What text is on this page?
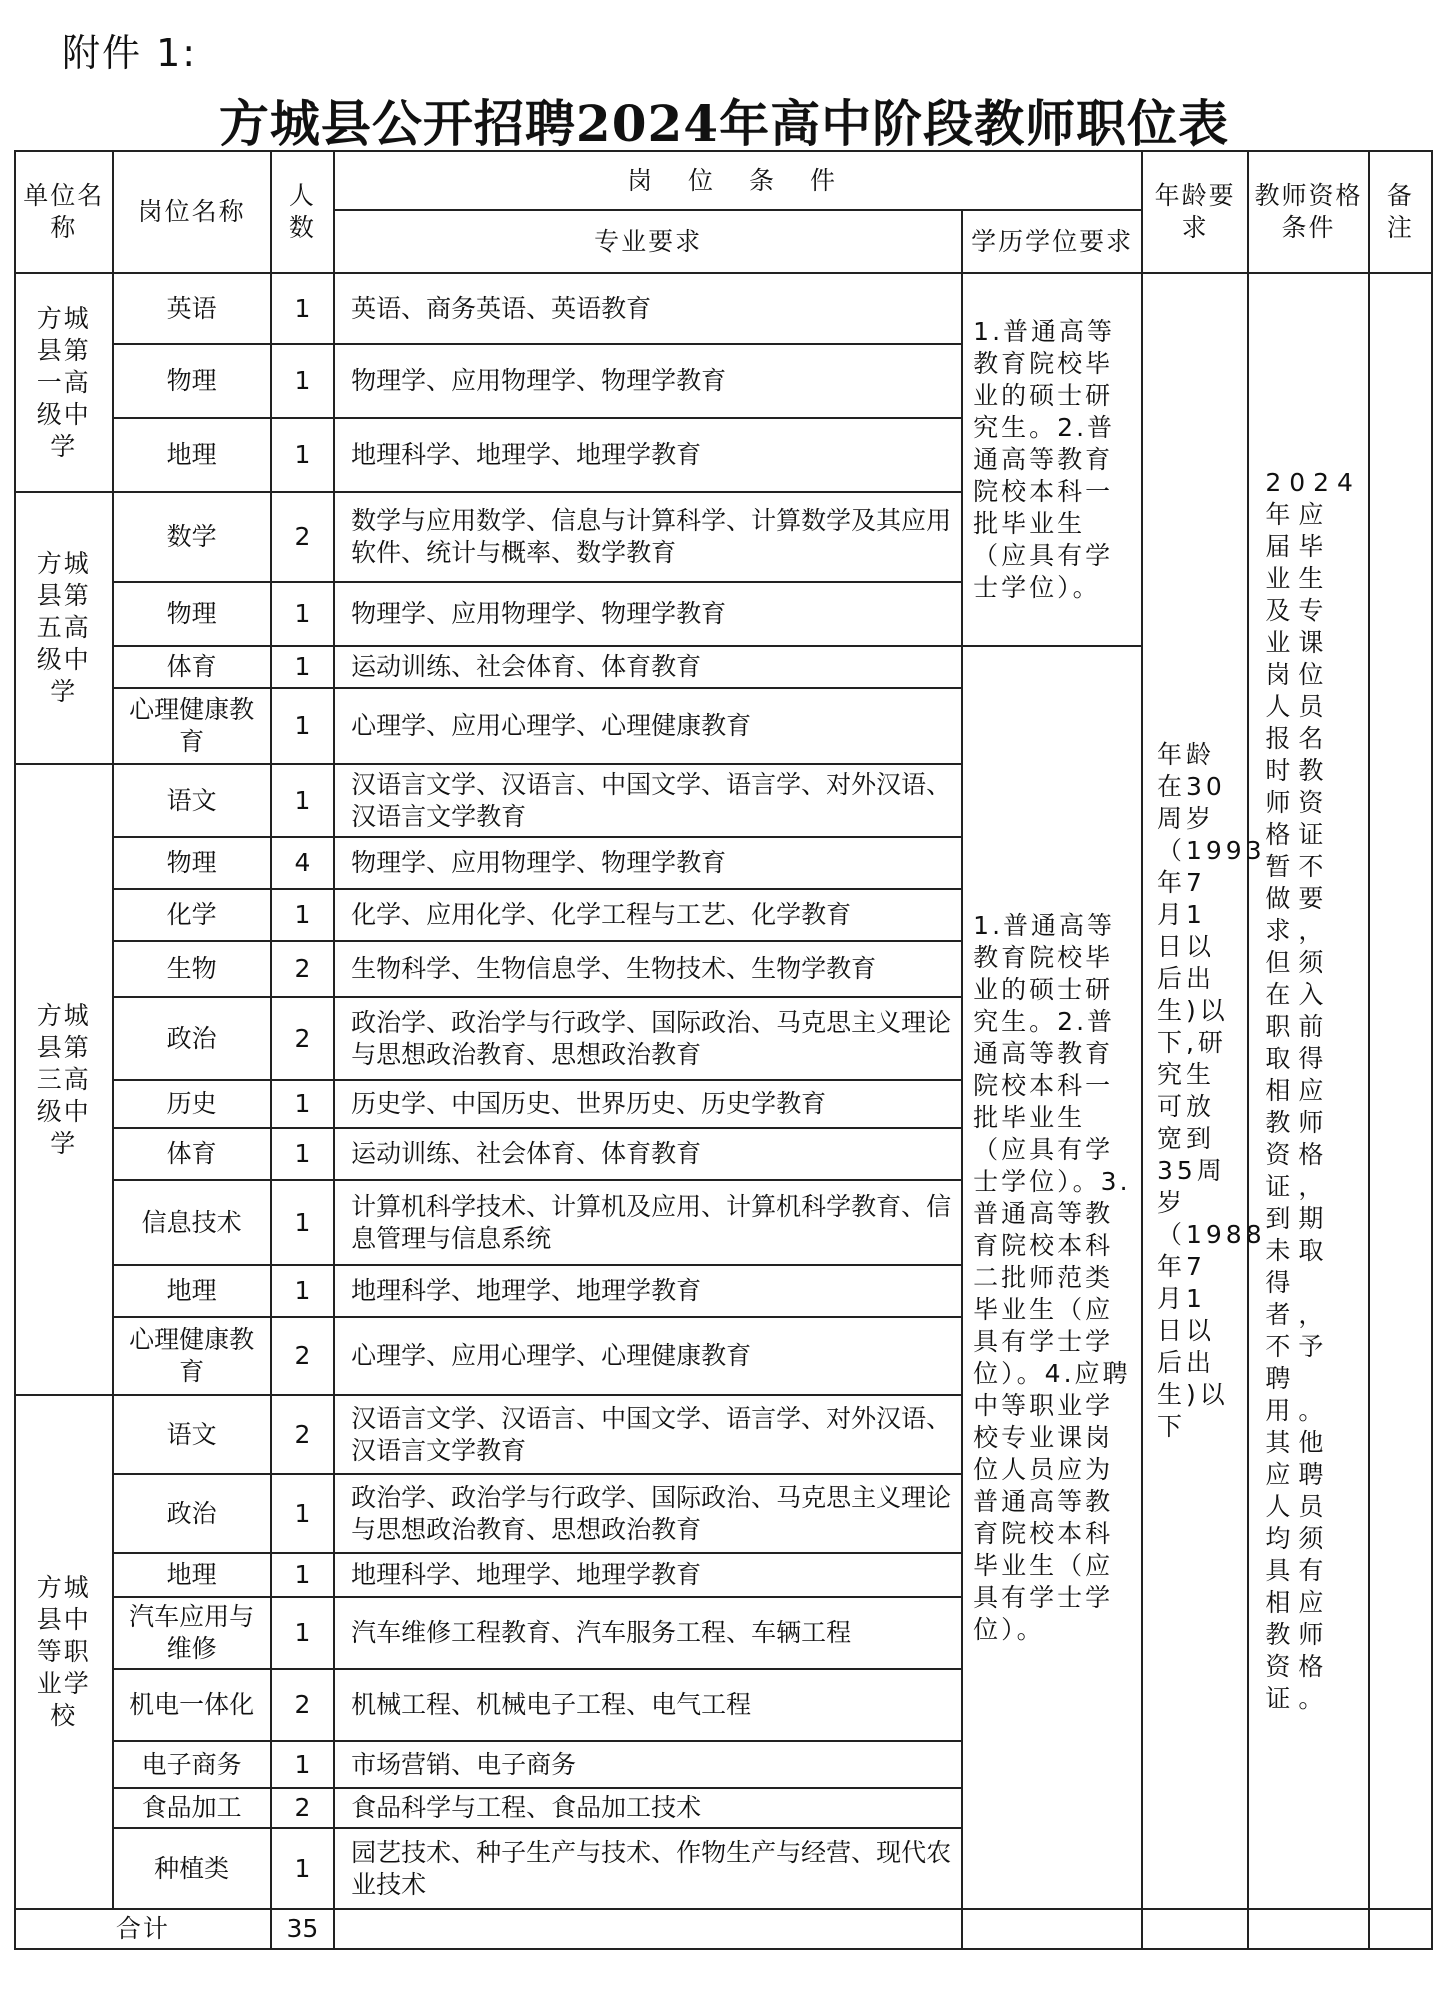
附件 1:
方城县公开招聘2024年高中阶段教师职位表
单位名称	岗位名称	人数	岗 位 条 件		年龄要求	教师资格条件	备注
			专业要求	学历学位要求			
方城县第一高级中学	英语	1	英语、商务英语、英语教育	1.普通高等教育院校毕业的硕士研究生。2.普通高等教育院校本科一批毕业生（应具有学士学位）。	年龄在30周岁（1993年7月1日以后出生)以下,研究生可放宽到35周岁（1988年7月1日以后出生)以下	2024年应届毕业生及专业课岗位人员报名时教师资格证暂不做要求，但须在入职前取得相应教师资格证，到期未取得者，不予聘用。其他应聘人员均须具有相应教师资格证。	
	物理	1	物理学、应用物理学、物理学教育				
	地理	1	地理科学、地理学、地理学教育				
方城县第五高级中学	数学	2	数学与应用数学、信息与计算科学、计算数学及其应用软件、统计与概率、数学教育				
	物理	1	物理学、应用物理学、物理学教育				
	体育	1	运动训练、社会体育、体育教育	1.普通高等教育院校毕业的硕士研究生。2.普通高等教育院校本科一批毕业生（应具有学士学位）。3.普通高等教育院校本科二批师范类毕业生（应具有学士学位）。4.应聘中等职业学校专业课岗位人员应为普通高等教育院校本科毕业生（应具有学士学位）。			
	心理健康教育	1	心理学、应用心理学、心理健康教育				
方城县第三高级中学	语文	1	汉语言文学、汉语言、中国文学、语言学、对外汉语、汉语言文学教育				
	物理	4	物理学、应用物理学、物理学教育				
	化学	1	化学、应用化学、化学工程与工艺、化学教育				
	生物	2	生物科学、生物信息学、生物技术、生物学教育				
	政治	2	政治学、政治学与行政学、国际政治、马克思主义理论与思想政治教育、思想政治教育				
	历史	1	历史学、中国历史、世界历史、历史学教育				
	体育	1	运动训练、社会体育、体育教育				
	信息技术	1	计算机科学技术、计算机及应用、计算机科学教育、信息管理与信息系统				
	地理	1	地理科学、地理学、地理学教育				
	心理健康教育	2	心理学、应用心理学、心理健康教育				
方城县中等职业学校	语文	2	汉语言文学、汉语言、中国文学、语言学、对外汉语、汉语言文学教育				
	政治	1	政治学、政治学与行政学、国际政治、马克思主义理论与思想政治教育、思想政治教育				
	地理	1	地理科学、地理学、地理学教育				
	汽车应用与维修	1	汽车维修工程教育、汽车服务工程、车辆工程				
	机电一体化	2	机械工程、机械电子工程、电气工程				
	电子商务	1	市场营销、电子商务				
	食品加工	2	食品科学与工程、食品加工技术				
	种植类	1	园艺技术、种子生产与技术、作物生产与经营、现代农业技术				
合计		35					
